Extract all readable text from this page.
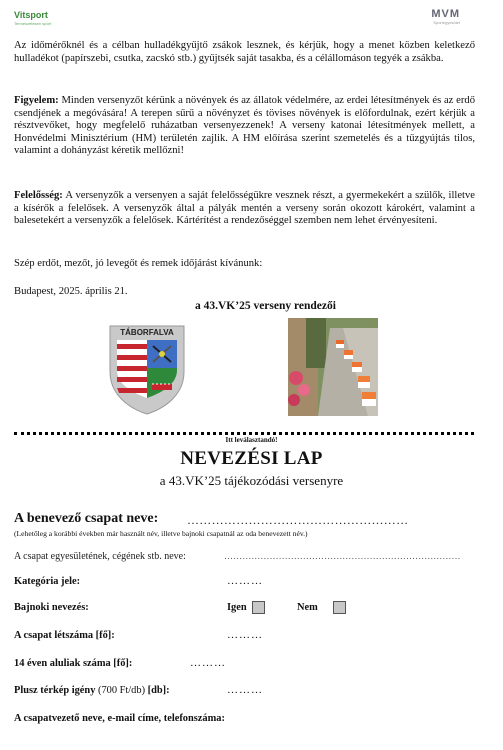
Vitsport
Természetesen sport
MVM
Sportegyesület

Az időmérőknél és a célban hulladékgyűjtő zsákok lesznek, és kérjük, hogy a menet közben keletkező hulladékot (papírszebi, csutka, zacskó stb.) gyűjtsék saját tasakba, és a célállomáson tegyék a zsákba.

Figyelem: Minden versenyzőt kérünk a növények és az állatok védelmére, az erdei létesítmények és az erdő csendjének a megóvására! A terepen sűrű a növényzet és tövises növények is előfordulnak, ezért kérjük a résztvevőket, hogy megfelelő ruházatban versenyezzenek! A verseny katonai létesítmények mellett, a Honvédelmi Minisztérium (HM) területén zajlik. A HM előírása szerint szemetelés és a tűzgyújtás tilos, valamint a dohányzást kéretik mellőzni!

Felelősség: A versenyzők a versenyen a saját felelősségükre vesznek részt, a gyermekekért a szülők, illetve a kísérők a felelősek. A versenyzők által a pályák mentén a verseny során okozott károkért, valamint a balesetekért a versenyzők a felelősek. Kártérítést a rendezőséggel szemben nem lehet érvényesíteni.

Szép erdőt, mezőt, jó levegőt és remek időjárást kívánunk:

Budapest, 2025. április 21.

a 43.VK’25 verseny rendezői
TÁBORFALVA
Itt leválasztandó!
NEVEZÉSI LAP
a 43.VK’25 tájékozódási versenyre
A benevező csapat neve: ………………………………………………
(Lehetőleg a korábbi években már használt név, illetve bajnoki csapatnál az oda benevezett név.)
A csapat egyesületének, cégének stb. neve:	……………………………………………………………………
Kategória jele:	………
Bajnoki nevezés:	Igen	Nem
A csapat létszáma [fő]:	………
14 éven aluliak száma [fő]:	………
Plusz térkép igény (700 Ft/db) [db]:	………
A csapatvezető neve, e-mail címe, telefonszáma:
